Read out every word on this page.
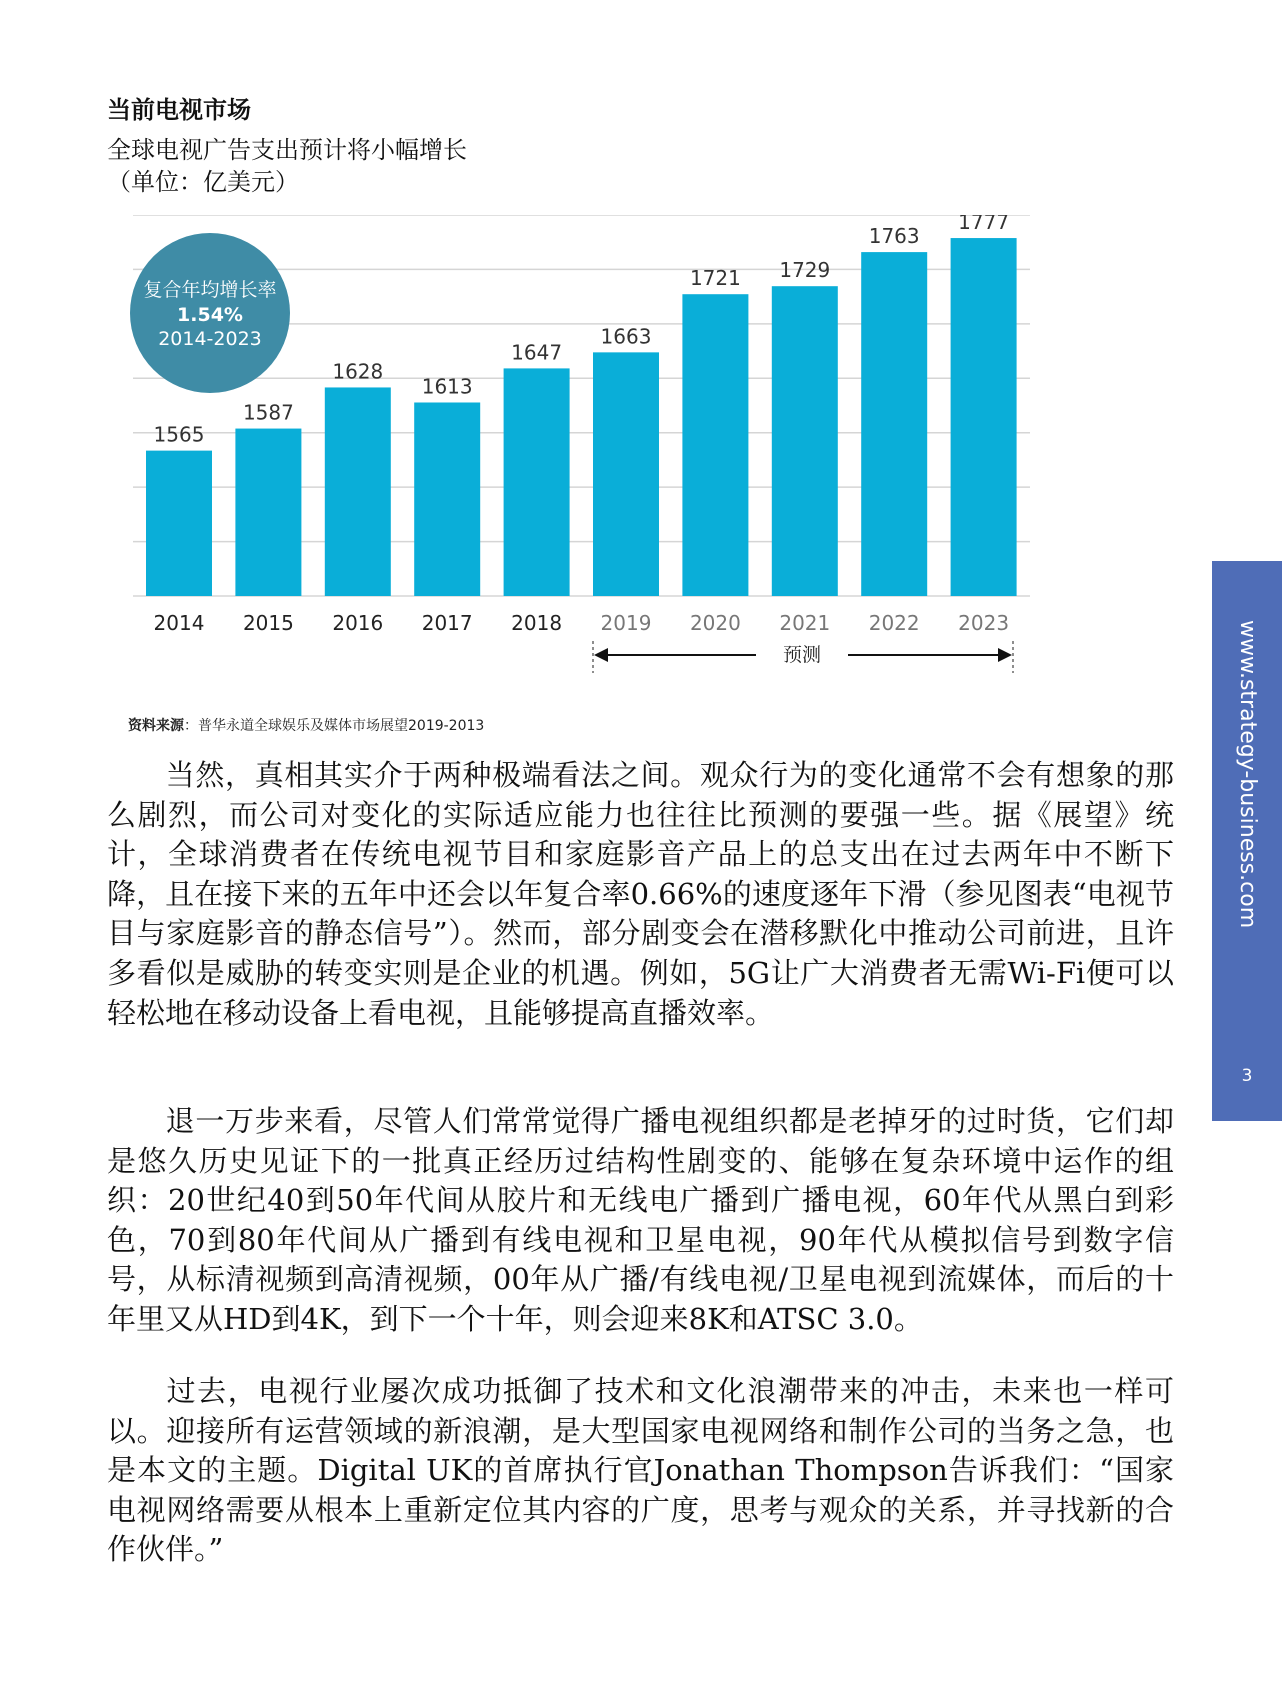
当前电视市场
全球电视广告支出预计将小幅增长
（单位：亿美元）
1565
1587
1628
1613
1647
1663
1721 1729
1763
1777
2014 2015 2016 2017 2018 2019 2020 2021 2022 2023
复合年均增长率
1.54%
2014-2023
预测
资料来源：普华永道全球娱乐及媒体市场展望2019-2013

当然，真相其实介于两种极端看法之间。观众行为的变化通常不会有想象的那么剧烈，而公司对变化的实际适应能力也往往比预测的要强一些。据《展望》统计，全球消费者在传统电视节目和家庭影音产品上的总支出在过去两年中不断下降，且在接下来的五年中还会以年复合率0.66%的速度逐年下滑（参见图表“电视节目与家庭影音的静态信号”）。然而，部分剧变会在潜移默化中推动公司前进，且许多看似是威胁的转变实则是企业的机遇。例如，5G让广大消费者无需Wi-Fi便可以轻松地在移动设备上看电视，且能够提高直播效率。

退一万步来看，尽管人们常常觉得广播电视组织都是老掉牙的过时货，它们却是悠久历史见证下的一批真正经历过结构性剧变的、能够在复杂环境中运作的组织：20世纪40到50年代间从胶片和无线电广播到广播电视，60年代从黑白到彩色，70到80年代间从广播到有线电视和卫星电视，90年代从模拟信号到数字信号，从标清视频到高清视频，00年从广播/有线电视/卫星电视到流媒体，而后的十年里又从HD到4K，到下一个十年，则会迎来8K和ATSC 3.0。

过去，电视行业屡次成功抵御了技术和文化浪潮带来的冲击，未来也一样可以。迎接所有运营领域的新浪潮，是大型国家电视网络和制作公司的当务之急，也是本文的主题。Digital UK的首席执行官Jonathan Thompson告诉我们：“国家电视网络需要从根本上重新定位其内容的广度，思考与观众的关系，并寻找新的合作伙伴。”

www.strategy-business.com
3
